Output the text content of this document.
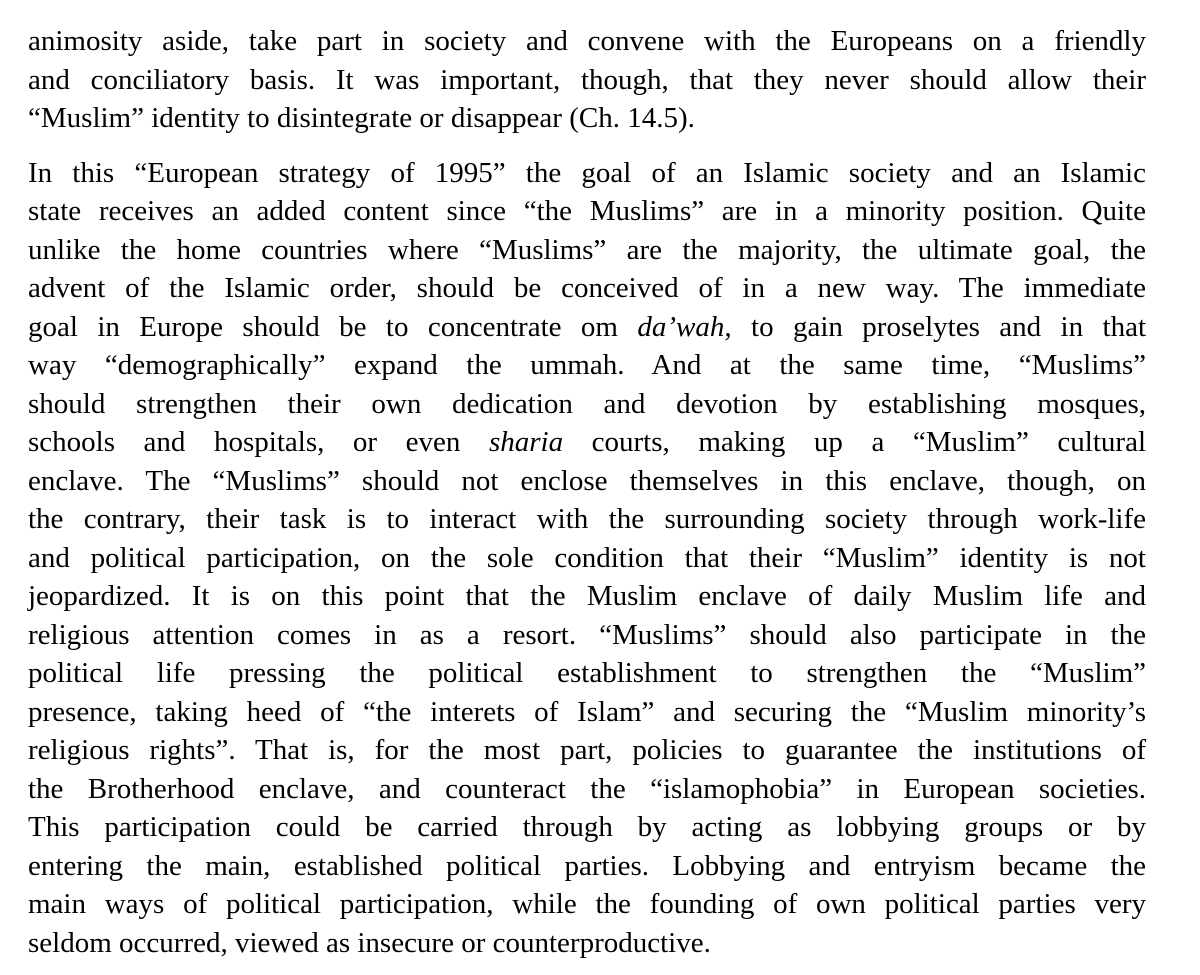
animosity aside, take part in society and convene with the Europeans on a friendly
and conciliatory basis. It was important, though, that they never should allow their
“Muslim” identity to disintegrate or disappear (Ch. 14.5).
In this “European strategy of 1995” the goal of an Islamic society and an Islamic
state receives an added content since “the Muslims” are in a minority position. Quite
unlike the home countries where “Muslims” are the majority, the ultimate goal, the
advent of the Islamic order, should be conceived of in a new way. The immediate
goal in Europe should be to concentrate om da’wah, to gain proselytes and in that
way “demographically” expand the ummah. And at the same time, “Muslims”
should strengthen their own dedication and devotion by establishing mosques,
schools and hospitals, or even sharia courts, making up a “Muslim” cultural
enclave. The “Muslims” should not enclose themselves in this enclave, though, on
the contrary, their task is to interact with the surrounding society through work-life
and political participation, on the sole condition that their “Muslim” identity is not
jeopardized. It is on this point that the Muslim enclave of daily Muslim life and
religious attention comes in as a resort. “Muslims” should also participate in the
political life pressing the political establishment to strengthen the “Muslim”
presence, taking heed of “the interets of Islam” and securing the “Muslim minority’s
religious rights”. That is, for the most part, policies to guarantee the institutions of
the Brotherhood enclave, and counteract the “islamophobia” in European societies.
This participation could be carried through by acting as lobbying groups or by
entering the main, established political parties. Lobbying and entryism became the
main ways of political participation, while the founding of own political parties very
seldom occurred, viewed as insecure or counterproductive.
